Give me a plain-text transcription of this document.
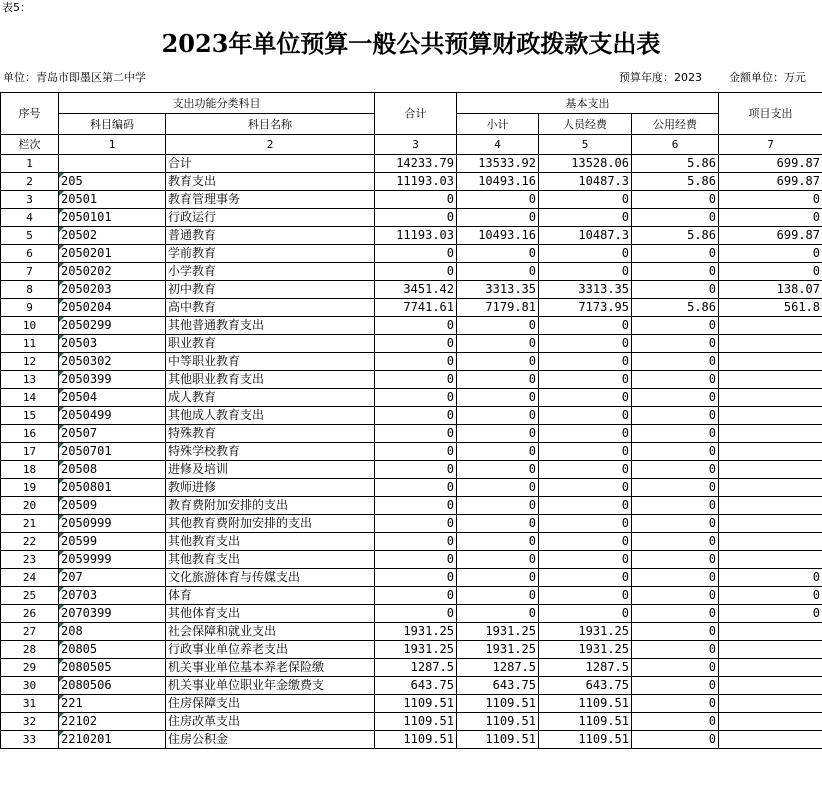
表5：
2023年单位预算一般公共预算财政拨款支出表
单位：青岛市即墨区第二中学	预算年度：2023 金额单位：万元
序号	支出功能分类科目		合计	基本支出			项目支出
	科目编码	科目名称		小计	人员经费	公用经费	
栏次	1	2	3	4	5	6	7
1		合计	14233.79	13533.92	13528.06	5.86	699.87
2	205	教育支出	11193.03	10493.16	10487.3	5.86	699.87
3	20501	教育管理事务	0	0	0	0	0
4	2050101	行政运行	0	0	0	0	0
5	20502	普通教育	11193.03	10493.16	10487.3	5.86	699.87
6	2050201	学前教育	0	0	0	0	0
7	2050202	小学教育	0	0	0	0	0
8	2050203	初中教育	3451.42	3313.35	3313.35	0	138.07
9	2050204	高中教育	7741.61	7179.81	7173.95	5.86	561.8
10	2050299	其他普通教育支出	0	0	0	0	
11	20503	职业教育	0	0	0	0	
12	2050302	中等职业教育	0	0	0	0	
13	2050399	其他职业教育支出	0	0	0	0	
14	20504	成人教育	0	0	0	0	
15	2050499	其他成人教育支出	0	0	0	0	
16	20507	特殊教育	0	0	0	0	
17	2050701	特殊学校教育	0	0	0	0	
18	20508	进修及培训	0	0	0	0	
19	2050801	教师进修	0	0	0	0	
20	20509	教育费附加安排的支出	0	0	0	0	
21	2050999	其他教育费附加安排的支出	0	0	0	0	
22	20599	其他教育支出	0	0	0	0	
23	2059999	其他教育支出	0	0	0	0	
24	207	文化旅游体育与传媒支出	0	0	0	0	0
25	20703	体育	0	0	0	0	0
26	2070399	其他体育支出	0	0	0	0	0
27	208	社会保障和就业支出	1931.25	1931.25	1931.25	0	
28	20805	行政事业单位养老支出	1931.25	1931.25	1931.25	0	
29	2080505	机关事业单位基本养老保险缴	1287.5	1287.5	1287.5	0	
30	2080506	机关事业单位职业年金缴费支	643.75	643.75	643.75	0	
31	221	住房保障支出	1109.51	1109.51	1109.51	0	
32	22102	住房改革支出	1109.51	1109.51	1109.51	0	
33	2210201	住房公积金	1109.51	1109.51	1109.51	0	
